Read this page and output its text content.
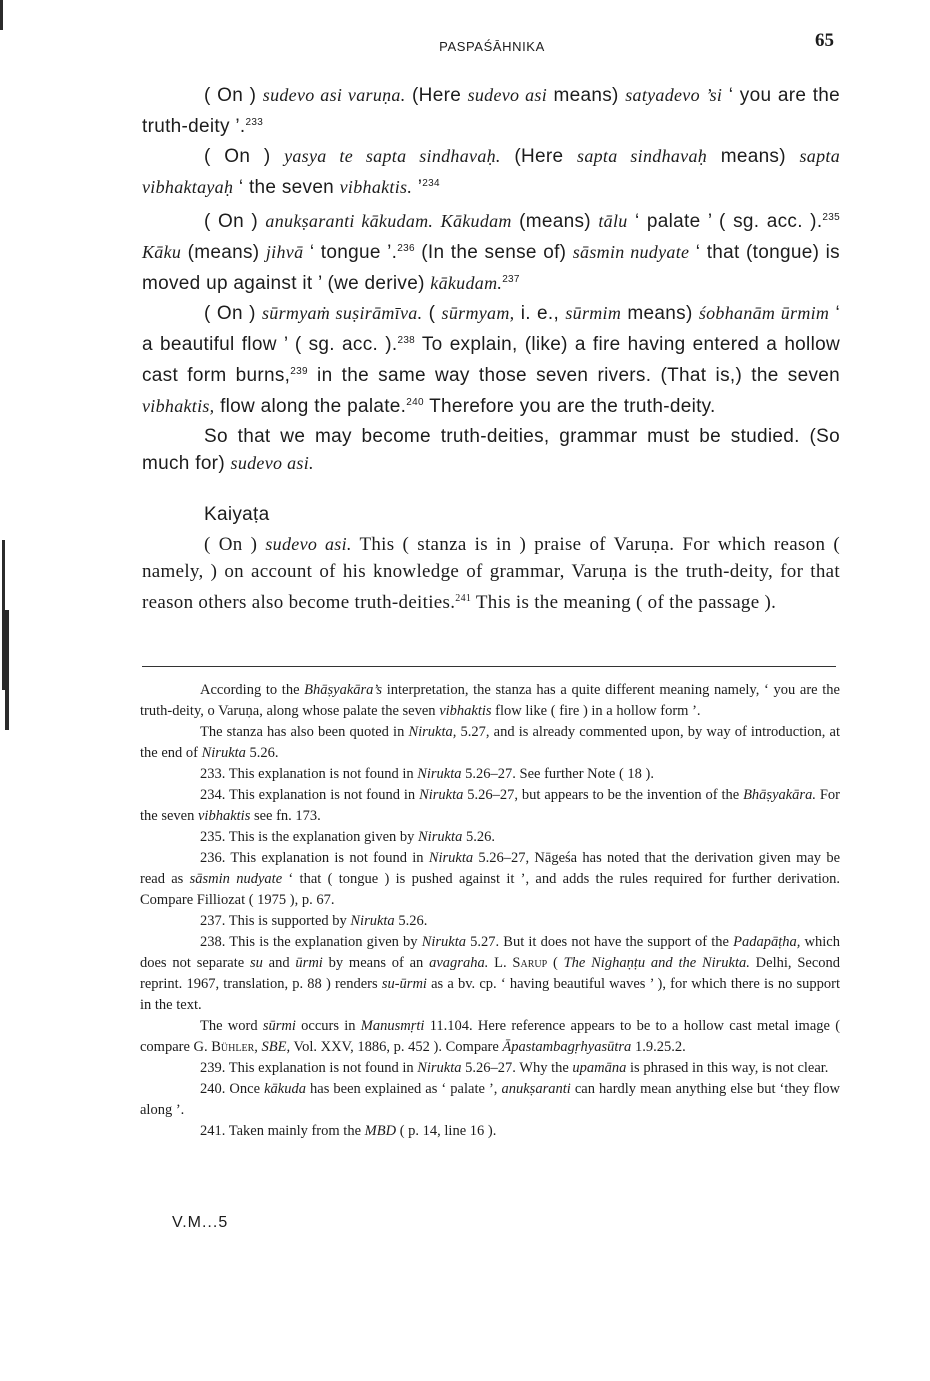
PASPAŚĀHNIKA	65

( On ) sudevo asi varuṇa. (Here sudevo asi means) satyadevo ’si ‘ you are the truth-deity ’.$^{233}$

( On ) yasya te sapta sindhavaḥ. (Here sapta sindhavaḥ means) sapta vibhaktayaḥ ‘ the seven vibhaktis. ’$^{234}$

( On ) anukṣaranti kākudam. Kākudam (means) tālu ‘ palate ’ ( sg. acc. ).$^{235}$ Kāku (means) jihvā ‘ tongue ’.$^{236}$ (In the sense of) sāsmin nudyate ‘ that (tongue) is moved up against it ’ (we derive) kākudam.$^{237}$

( On ) sūrmyaṁ suṣirāmīva. ( sūrmyam, i. e., sūrmim means) śobhanām ūrmim ‘ a beautiful flow ’ ( sg. acc. ).$^{238}$ To explain, (like) a fire having entered a hollow cast form burns,$^{239}$ in the same way those seven rivers. (That is,) the seven vibhaktis, flow along the palate.$^{240}$ Therefore you are the truth-deity.

So that we may become truth-deities, grammar must be studied. (So much for) sudevo asi.

Kaiyaṭa

( On ) sudevo asi. This ( stanza is in ) praise of Varuṇa. For which reason ( namely, ) on account of his knowledge of grammar, Varuṇa is the truth-deity, for that reason others also become truth-deities.$^{241}$ This is the meaning ( of the passage ).

According to the Bhāṣyakāra’s interpretation, the stanza has a quite different meaning namely, ‘ you are the truth-deity, o Varuṇa, along whose palate the seven vibhaktis flow like ( fire ) in a hollow form ’.

The stanza has also been quoted in Nirukta, 5.27, and is already commented upon, by way of introduction, at the end of Nirukta 5.26.

233. This explanation is not found in Nirukta 5.26–27. See further Note ( 18 ).

234. This explanation is not found in Nirukta 5.26–27, but appears to be the invention of the Bhāṣyakāra. For the seven vibhaktis see fn. 173.

235. This is the explanation given by Nirukta 5.26.

236. This explanation is not found in Nirukta 5.26–27, Nāgeśa has noted that the derivation given may be read as sāsmin nudyate ‘ that ( tongue ) is pushed against it ’, and adds the rules required for further derivation. Compare Filliozat ( 1975 ), p. 67.

237. This is supported by Nirukta 5.26.

238. This is the explanation given by Nirukta 5.27. But it does not have the support of the Padapāṭha, which does not separate su and ūrmi by means of an avagraha. L. Sarup ( The Nighaṇṭu and the Nirukta. Delhi, Second reprint. 1967, translation, p. 88 ) renders su-ūrmi as a bv. cp. ‘ having beautiful waves ’ ), for which there is no support in the text.

The word sūrmi occurs in Manusmṛti 11.104. Here reference appears to be to a hollow cast metal image ( compare G. Bühler, SBE, Vol. XXV, 1886, p. 452 ). Compare Āpastambagṛhyasūtra 1.9.25.2.

239. This explanation is not found in Nirukta 5.26–27. Why the upamāna is phrased in this way, is not clear.

240. Once kākuda has been explained as ‘ palate ’, anukṣaranti can hardly mean anything else but ‘they flow along ’.

241. Taken mainly from the MBD ( p. 14, line 16 ).

V.M...5
